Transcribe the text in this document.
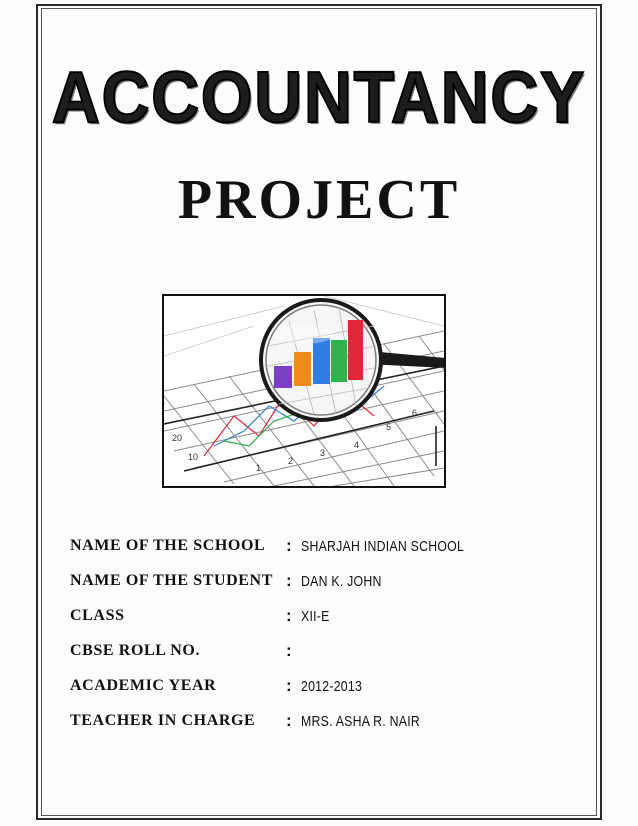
ACCOUNTANCY
PROJECT
20
10
1
2
3
4
5
6
NAME OF THE SCHOOL : SHARJAH INDIAN SCHOOL
NAME OF THE STUDENT : DAN K. JOHN
CLASS	: XII-E
CBSE ROLL NO.	:
ACADEMIC YEAR	: 2012-2013
TEACHER IN CHARGE : MRS. ASHA R. NAIR
